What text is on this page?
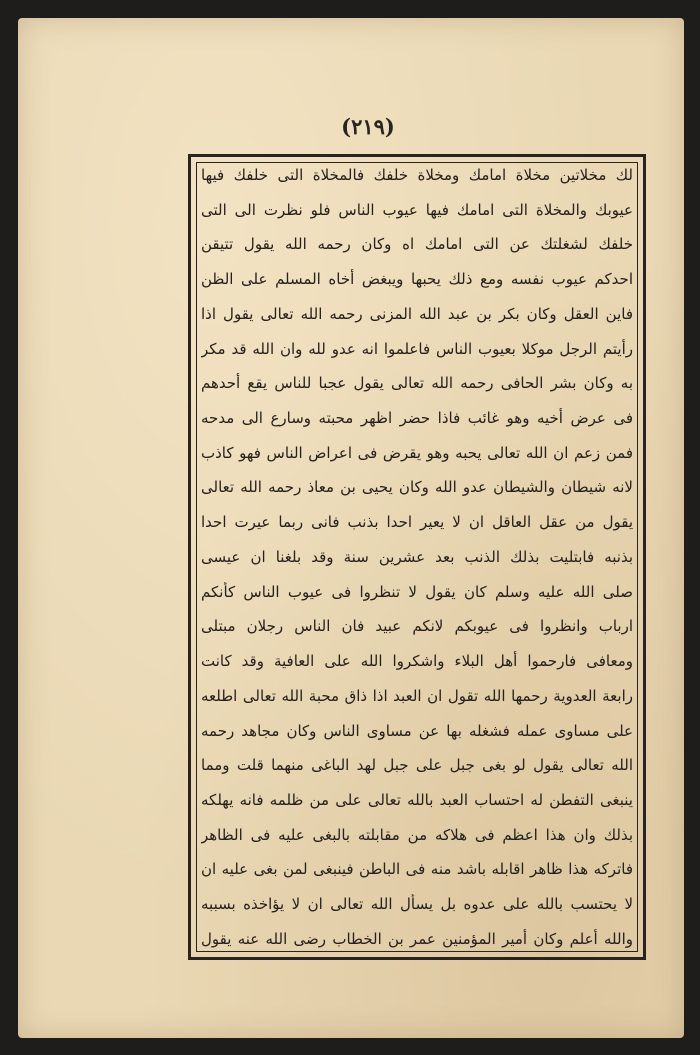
(٢١٩)
لك مخلاتين مخلاة امامك ومخلاة خلفك فالمخلاة التى خلفك فيها
عيوبك والمخلاة التى امامك فيها عيوب الناس فلو نظرت الى التى
خلفك لشغلتك عن التى امامك اه وكان رحمه الله يقول تتيقن
احدكم عيوب نفسه ومع ذلك يحبها ويبغض أخاه المسلم على الظن
فاين العقل وكان بكر بن عبد الله المزنى رحمه الله تعالى يقول اذا
رأيتم الرجل موكلا بعيوب الناس فاعلموا انه عدو لله وان الله قد مكر
به وكان بشر الحافى رحمه الله تعالى يقول عجبا للناس يقع أحدهم
فى عرض أخيه وهو غائب فاذا حضر اظهر محبته وسارع الى مدحه
فمن زعم ان الله تعالى يحبه وهو يقرض فى اعراض الناس فهو كاذب
لانه شيطان والشيطان عدو الله وكان يحيى بن معاذ رحمه الله تعالى
يقول من عقل العاقل ان لا يعير احدا بذنب فانى ربما عيرت احدا
بذنبه فابتليت بذلك الذنب بعد عشرين سنة وقد بلغنا ان عيسى
صلى الله عليه وسلم كان يقول لا تنظروا فى عيوب الناس كأنكم
ارباب وانظروا فى عيوبكم لانكم عبيد فان الناس رجلان مبتلى
ومعافى فارحموا أهل البلاء واشكروا الله على العافية وقد كانت
رابعة العدوية رحمها الله تقول ان العبد اذا ذاق محبة الله تعالى اطلعه
على مساوى عمله فشغله بها عن مساوى الناس وكان مجاهد رحمه
الله تعالى يقول لو بغى جبل على جبل لهد الباغى منهما قلت ومما
ينبغى التفطن له احتساب العبد بالله تعالى على من ظلمه فانه يهلكه
بذلك وان هذا اعظم فى هلاكه من مقابلته بالبغى عليه فى الظاهر
فاتركه هذا ظاهر اقابله باشد منه فى الباطن فينبغى لمن بغى عليه ان
لا يحتسب بالله على عدوه بل يسأل الله تعالى ان لا يؤاخذه بسببه
والله أعلم وكان أمير المؤمنين عمر بن الخطاب رضى الله عنه يقول
